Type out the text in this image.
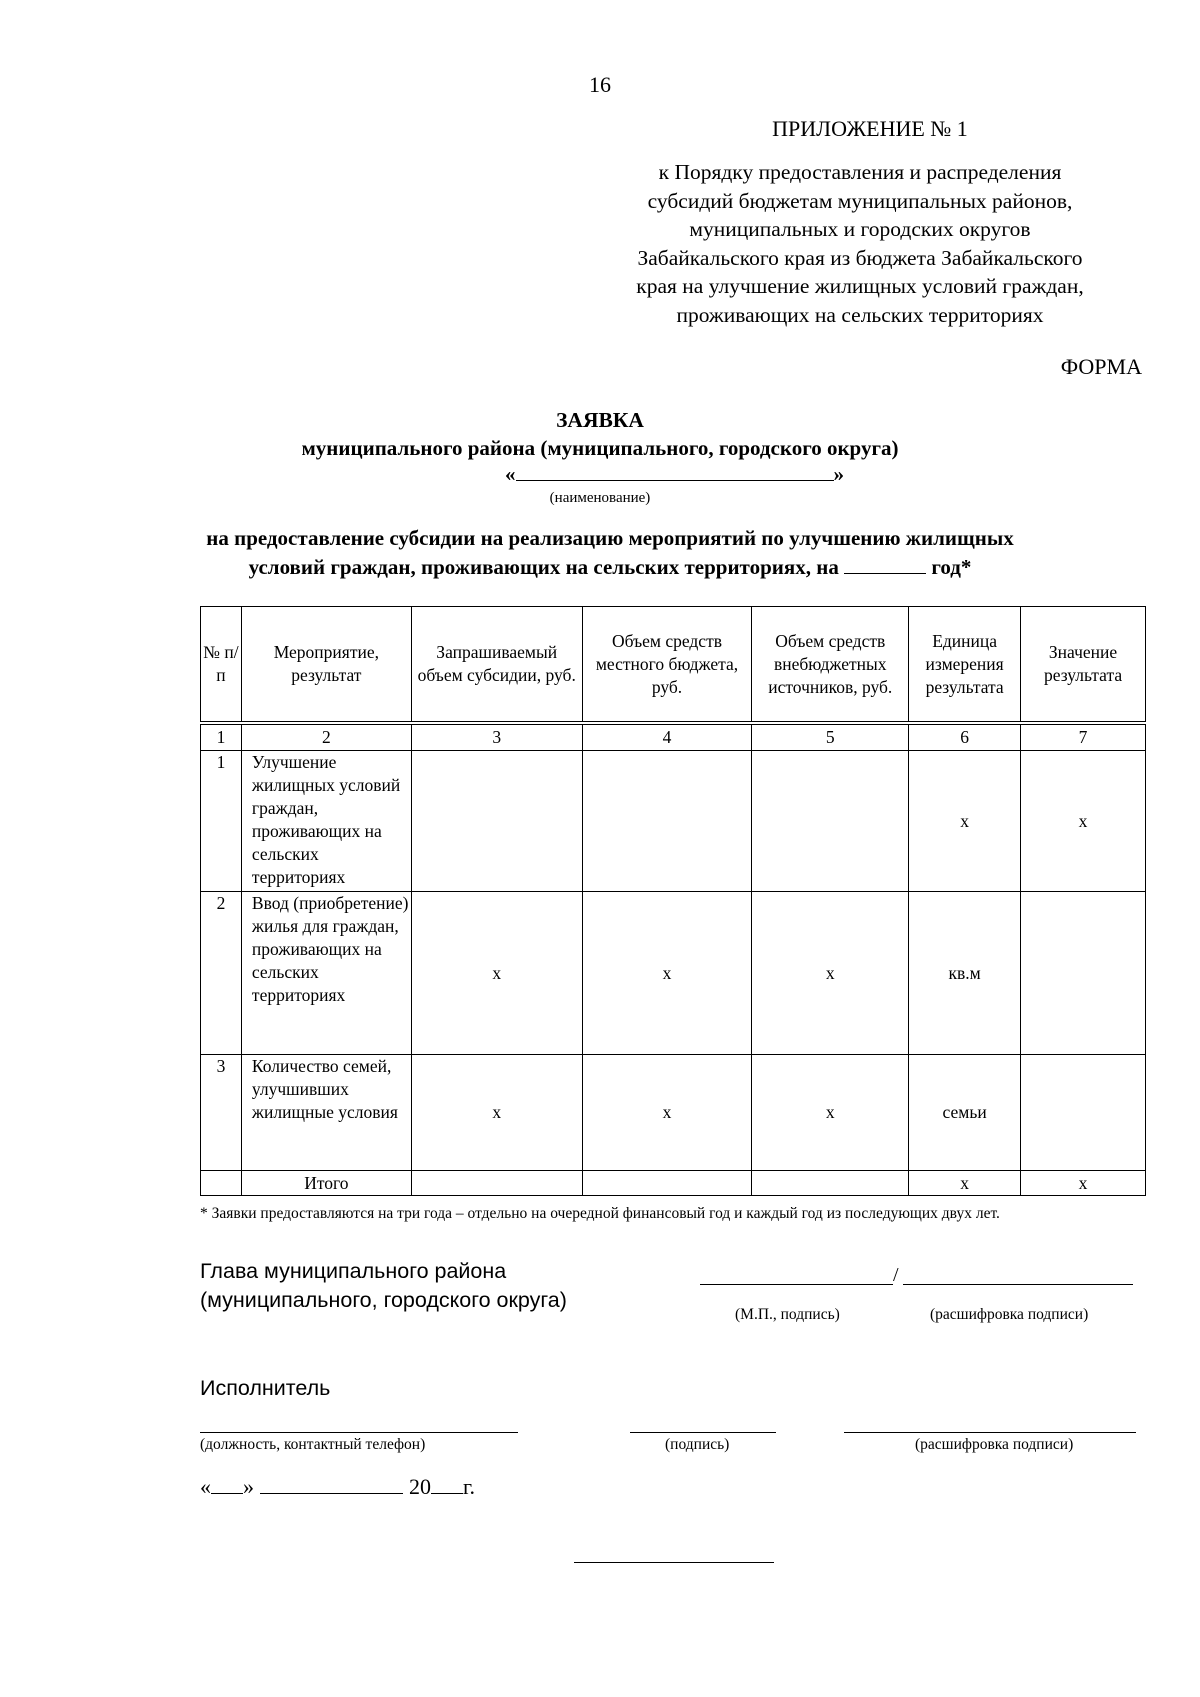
16
ПРИЛОЖЕНИЕ № 1
к Порядку предоставления и распределения
субсидий бюджетам муниципальных районов,
муниципальных и городских округов
Забайкальского края из бюджета Забайкальского
края на улучшение жилищных условий граждан,
проживающих на сельских территориях
ФОРМА
ЗАЯВКА
муниципального района (муниципального, городского округа)
«	»
(наименование)
на предоставление субсидии на реализацию мероприятий по улучшению жилищных
условий граждан, проживающих на сельских территориях, на	год*
№ п/п	Мероприятие, результат	Запрашиваемый объем субсидии, руб.	Объем средств местного бюджета, руб.	Объем средств внебюджетных источников, руб.	Единица измерения результата	Значение результата
1	2	3	4	5	6	7
1	Улучшение жилищных условий граждан, проживающих на сельских территориях				х	х
2	Ввод (приобретение) жилья для граждан, проживающих на сельских территориях	х	х	х	кв.м	
3	Количество семей, улучшивших жилищные условия	х	х	х	семьи	
	Итого				х	х
* Заявки предоставляются на три года – отдельно на очередной финансовый год и каждый год из последующих двух лет.
Глава муниципального района
(муниципального, городского округа)
/
(М.П., подпись)	(расшифровка подписи)
Исполнитель
(должность, контактный телефон)	(подпись)	(расшифровка подписи)
« »	20 г.
